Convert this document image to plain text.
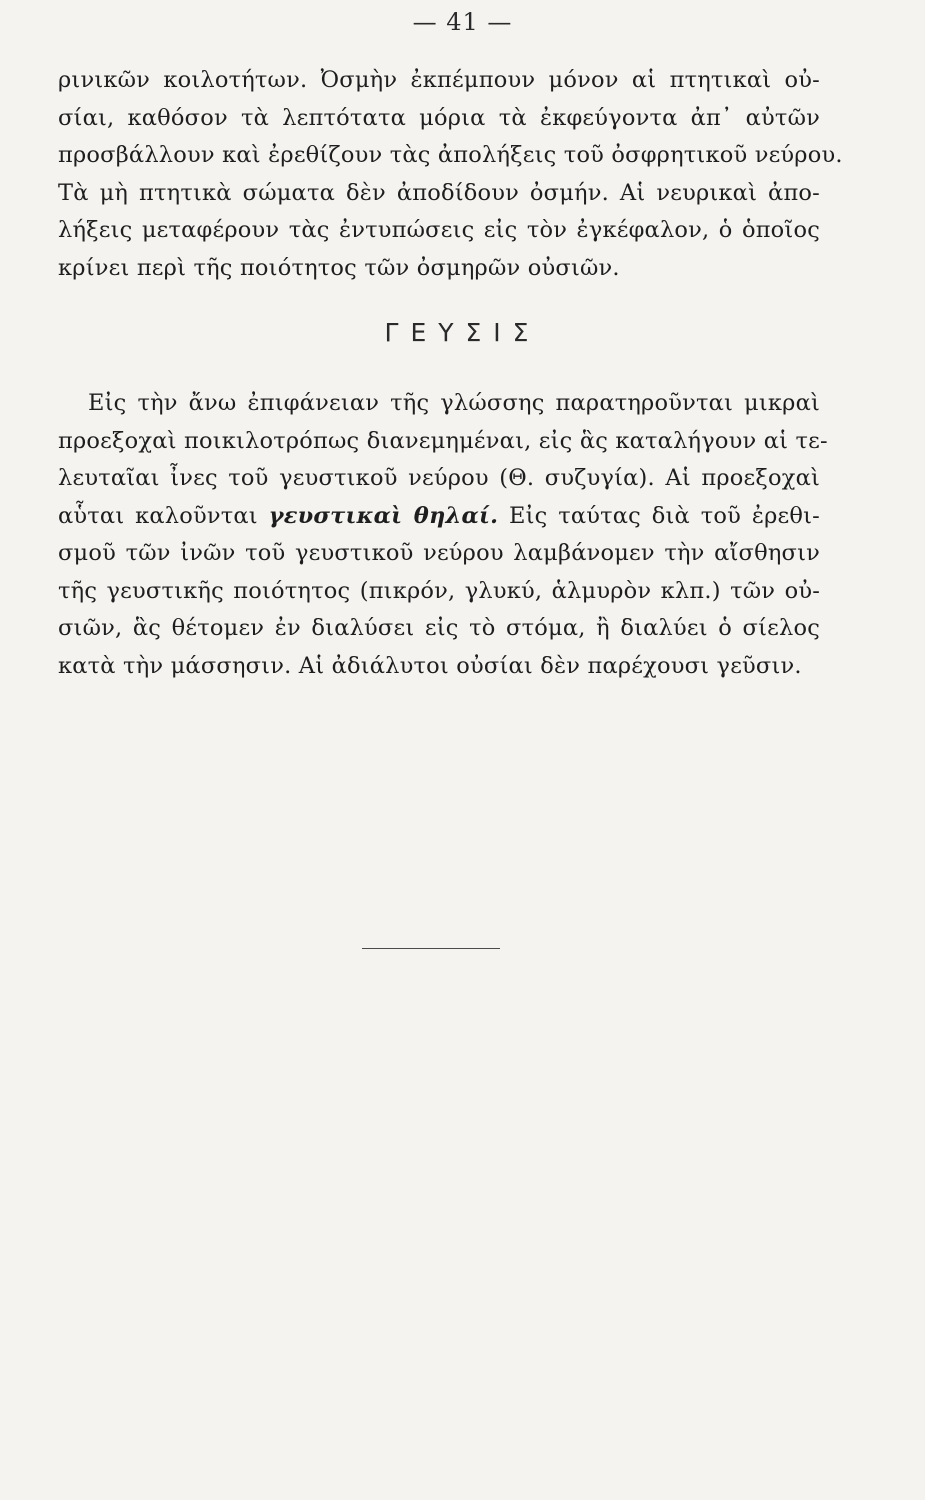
— 41 —
ρινικῶν κοιλοτήτων. Ὀσμὴν ἐκπέμπουν μόνον αἱ πτητικαὶ οὐ-
σίαι, καθόσον τὰ λεπτότατα μόρια τὰ ἐκφεύγοντα ἀπ᾿ αὐτῶν
προσβάλλουν καὶ ἐρεθίζουν τὰς ἀπολήξεις τοῦ ὀσφρητικοῦ νεύρου.
Τὰ μὴ πτητικὰ σώματα δὲν ἀποδίδουν ὀσμήν. Αἱ νευρικαὶ ἀπο-
λήξεις μεταφέρουν τὰς ἐντυπώσεις εἰς τὸν ἐγκέφαλον, ὁ ὁποῖος
κρίνει περὶ τῆς ποιότητος τῶν ὀσμηρῶν οὐσιῶν.
ΓΕΥΣΙΣ
Εἰς τὴν ἄνω ἐπιφάνειαν τῆς γλώσσης παρατηροῦνται μικραὶ
προεξοχαὶ ποικιλοτρόπως διανεμημέναι, εἰς ἃς καταλήγουν αἱ τε-
λευταῖαι ἶνες τοῦ γευστικοῦ νεύρου (Θ. συζυγία). Αἱ προεξοχαὶ
αὗται καλοῦνται γευστικαὶ θηλαί. Εἰς ταύτας διὰ τοῦ ἐρεθι-
σμοῦ τῶν ἰνῶν τοῦ γευστικοῦ νεύρου λαμβάνομεν τὴν αἴσθησιν
τῆς γευστικῆς ποιότητος (πικρόν, γλυκύ, ἁλμυρὸν κλπ.) τῶν οὐ-
σιῶν, ἃς θέτομεν ἐν διαλύσει εἰς τὸ στόμα, ἢ διαλύει ὁ σίελος
κατὰ τὴν μάσσησιν. Αἱ ἀδιάλυτοι οὐσίαι δὲν παρέχουσι γεῦσιν.
